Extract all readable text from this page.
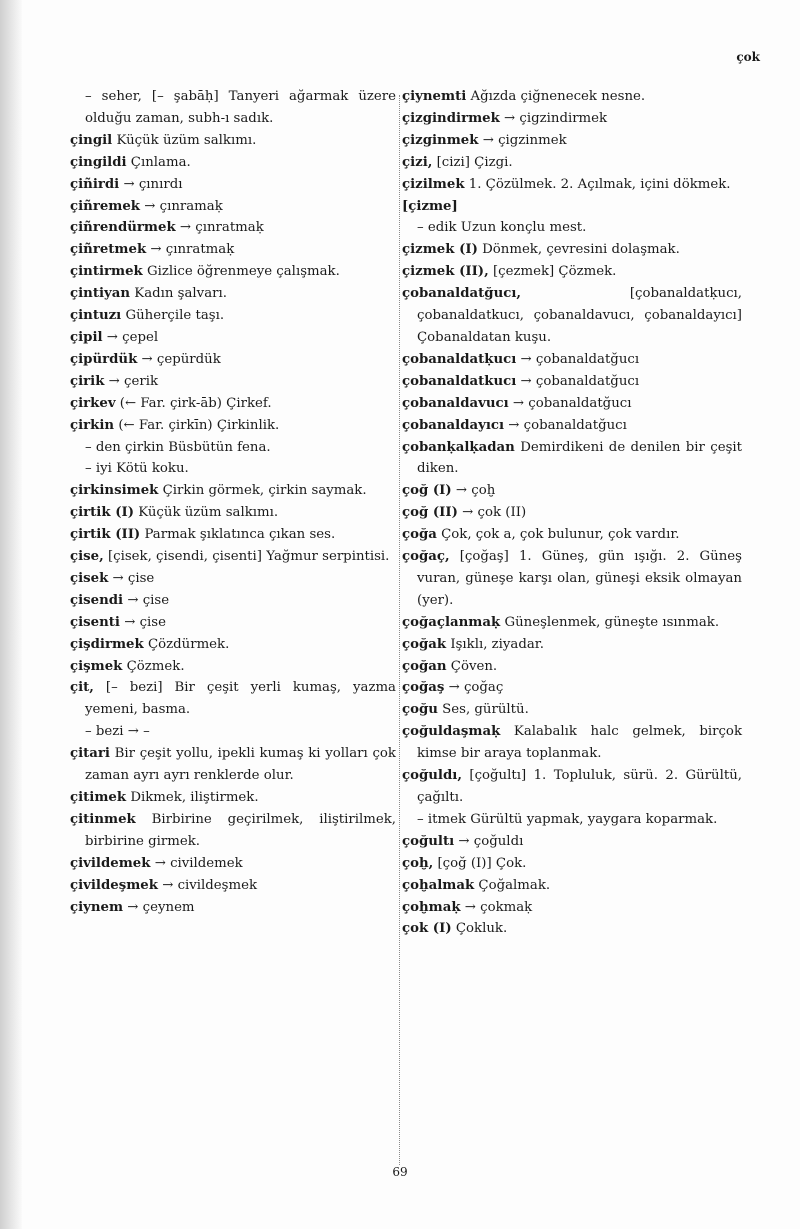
çok

– seher, [– şabāḥ] Tanyeri ağarmak üzere olduğu zaman, subh-ı sadık.

çingil Küçük üzüm salkımı.

çingildi Çınlama.

çiñirdi → çınırdı

çiñremek → çınramaḳ

çiñrendürmek → çınratmaḳ

çiñretmek → çınratmaḳ

çintirmek Gizlice öğrenmeye çalışmak.

çintiyan Kadın şalvarı.

çintuzı Güherçile taşı.

çipil → çepel

çipürdük → çepürdük

çirik → çerik

çirkev (← Far. çirk-āb) Çirkef.

çirkin (← Far. çirkīn) Çirkinlik.

– den çirkin Büsbütün fena.

– iyi Kötü koku.

çirkinsimek Çirkin görmek, çirkin saymak.

çirtik (I) Küçük üzüm salkımı.

çirtik (II) Parmak şıklatınca çıkan ses.

çise, [çisek, çisendi, çisenti] Yağmur serpintisi.

çisek → çise

çisendi → çise

çisenti → çise

çişdirmek Çözdürmek.

çişmek Çözmek.

çit, [– bezi] Bir çeşit yerli kumaş, yazma yemeni, basma.

– bezi → –

çitari Bir çeşit yollu, ipekli kumaş ki yolları çok zaman ayrı ayrı renklerde olur.

çitimek Dikmek, iliştirmek.

çitinmek Birbirine geçirilmek, iliştirilmek, birbirine girmek.

çivildemek → civildemek

çivildeşmek → civildeşmek

çiynem → çeynem

çiynemti Ağızda çiğnenecek nesne.

çizgindirmek → çigzindirmek

çizginmek → çigzinmek

çizi, [cizi] Çizgi.

çizilmek 1. Çözülmek. 2. Açılmak, içini dökmek.

[çizme]

– edik Uzun konçlu mest.

çizmek (I) Dönmek, çevresini dolaşmak.

çizmek (II), [çezmek] Çözmek.

çobanaldatğucı, [çobanaldatḳucı, çobanaldatkucı, çobanaldavucı, çobanaldayıcı] Çobanaldatan kuşu.

çobanaldatḳucı → çobanaldatğucı

çobanaldatkucı → çobanaldatğucı

çobanaldavucı → çobanaldatğucı

çobanaldayıcı → çobanaldatğucı

çobanḳalḳadan Demirdikeni de denilen bir çeşit diken.

çoğ (I) → çoḫ

çoğ (II) → çok (II)

çoğa Çok, çok a, çok bulunur, çok vardır.

çoğaç, [çoğaş] 1. Güneş, gün ışığı. 2. Güneş vuran, güneşe karşı olan, güneşi eksik olmayan (yer).

çoğaçlanmaḳ Güneşlenmek, güneşte ısınmak.

çoğak Işıklı, ziyadar.

çoğan Çöven.

çoğaş → çoğaç

çoğu Ses, gürültü.

çoğuldaşmaḳ Kalabalık halc gelmek, birçok kimse bir araya toplanmak.

çoğuldı, [çoğultı] 1. Topluluk, sürü. 2. Gürültü, çağıltı.

– itmek Gürültü yapmak, yaygara koparmak.

çoğultı → çoğuldı

çoḫ, [çoğ (I)] Çok.

çoḫalmak Çoğalmak.

çoḫmaḳ → çokmaḳ

çok (I) Çokluk.

69
